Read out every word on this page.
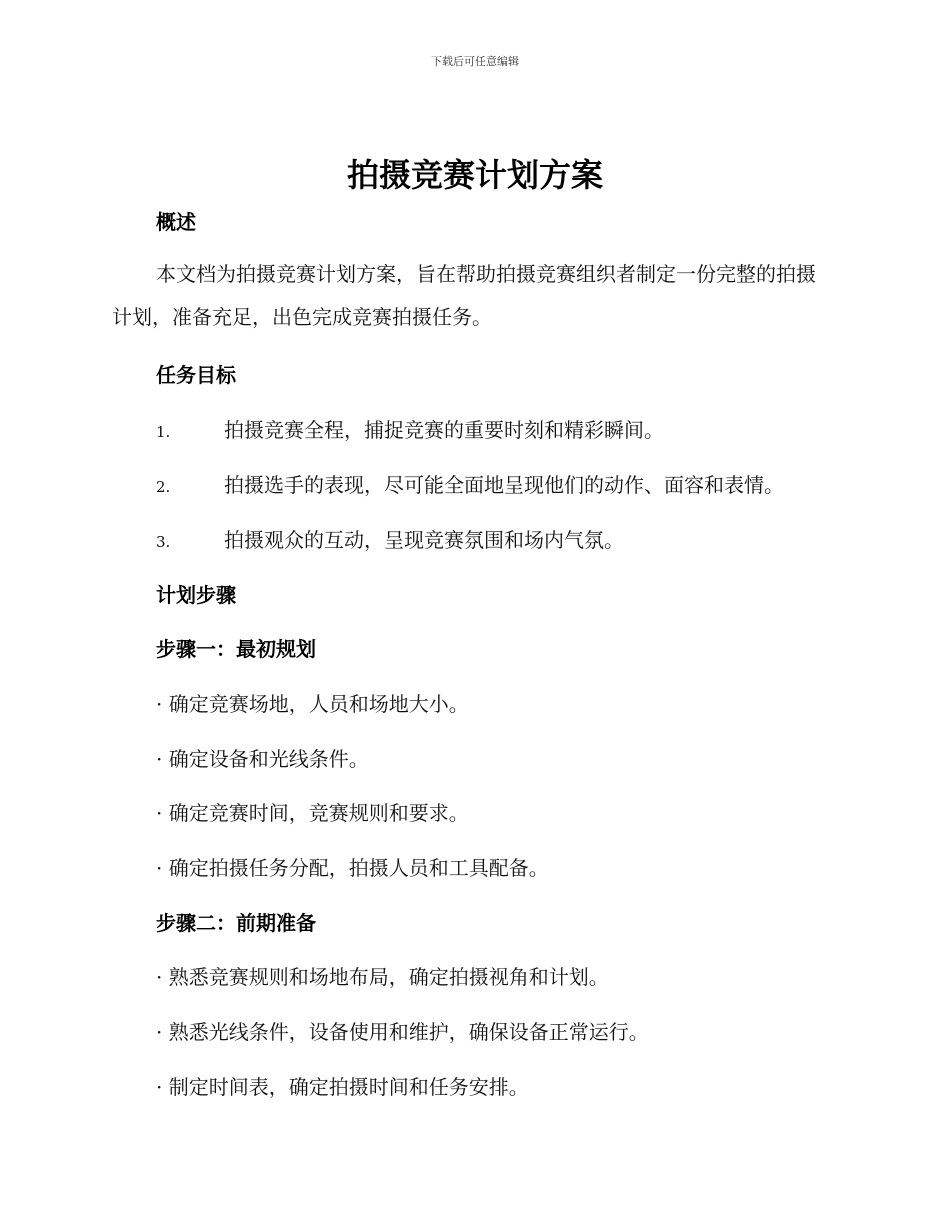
下载后可任意编辑
拍摄竞赛计划方案
概述
本文档为拍摄竞赛计划方案，旨在帮助拍摄竞赛组织者制定一份完整的拍摄计划，准备充足，出色完成竞赛拍摄任务。
任务目标
1.	拍摄竞赛全程，捕捉竞赛的重要时刻和精彩瞬间。
2.	拍摄选手的表现，尽可能全面地呈现他们的动作、面容和表情。
3.	拍摄观众的互动，呈现竞赛氛围和场内气氛。
计划步骤
步骤一：最初规划
· 确定竞赛场地，人员和场地大小。
· 确定设备和光线条件。
· 确定竞赛时间，竞赛规则和要求。
· 确定拍摄任务分配，拍摄人员和工具配备。
步骤二：前期准备
· 熟悉竞赛规则和场地布局，确定拍摄视角和计划。
· 熟悉光线条件，设备使用和维护，确保设备正常运行。
· 制定时间表，确定拍摄时间和任务安排。
